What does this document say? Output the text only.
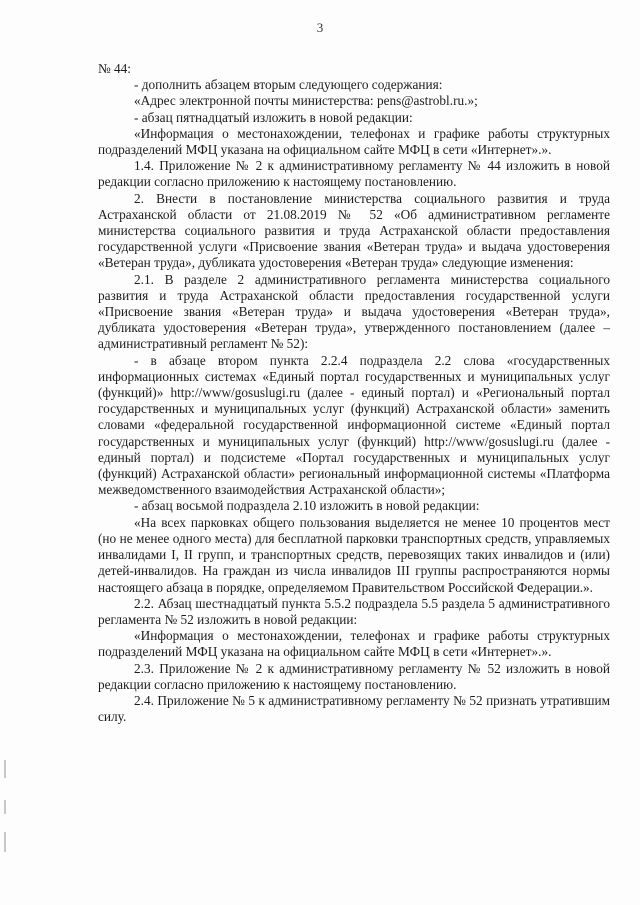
3

№ 44:

- дополнить абзацем вторым следующего содержания:

«Адрес электронной почты министерства: pens@astrobl.ru.»;

- абзац пятнадцатый изложить в новой редакции:

«Информация о местонахождении, телефонах и графике работы структурных подразделений МФЦ указана на официальном сайте МФЦ в сети «Интернет».».

1.4. Приложение № 2 к административному регламенту № 44 изложить в новой редакции согласно приложению к настоящему постановлению.

2. Внести в постановление министерства социального развития и труда Астраханской области от 21.08.2019 № 52 «Об административном регламенте министерства социального развития и труда Астраханской области предоставления государственной услуги «Присвоение звания «Ветеран труда» и выдача удостоверения «Ветеран труда», дубликата удостоверения «Ветеран труда» следующие изменения:

2.1. В разделе 2 административного регламента министерства социального развития и труда Астраханской области предоставления государственной услуги «Присвоение звания «Ветеран труда» и выдача удостоверения «Ветеран труда», дубликата удостоверения «Ветеран труда», утвержденного постановлением (далее – административный регламент № 52):

- в абзаце втором пункта 2.2.4 подраздела 2.2 слова «государственных информационных системах «Единый портал государственных и муниципальных услуг (функций)» http://www/gosuslugi.ru (далее - единый портал) и «Региональный портал государственных и муниципальных услуг (функций) Астраханской области» заменить словами «федеральной государственной информационной системе «Единый портал государственных и муниципальных услуг (функций) http://www/gosuslugi.ru (далее - единый портал) и подсистеме «Портал государственных и муниципальных услуг (функций) Астраханской области» региональный информационной системы «Платформа межведомственного взаимодействия Астраханской области»;

- абзац восьмой подраздела 2.10 изложить в новой редакции:

«На всех парковках общего пользования выделяется не менее 10 процентов мест (но не менее одного места) для бесплатной парковки транспортных средств, управляемых инвалидами I, II групп, и транспортных средств, перевозящих таких инвалидов и (или) детей-инвалидов. На граждан из числа инвалидов III группы распространяются нормы настоящего абзаца в порядке, определяемом Правительством Российской Федерации.».

2.2. Абзац шестнадцатый пункта 5.5.2 подраздела 5.5 раздела 5 административного регламента № 52 изложить в новой редакции:

«Информация о местонахождении, телефонах и графике работы структурных подразделений МФЦ указана на официальном сайте МФЦ в сети «Интернет».».

2.3. Приложение № 2 к административному регламенту № 52 изложить в новой редакции согласно приложению к настоящему постановлению.

2.4. Приложение № 5 к административному регламенту № 52 признать утратившим силу.
